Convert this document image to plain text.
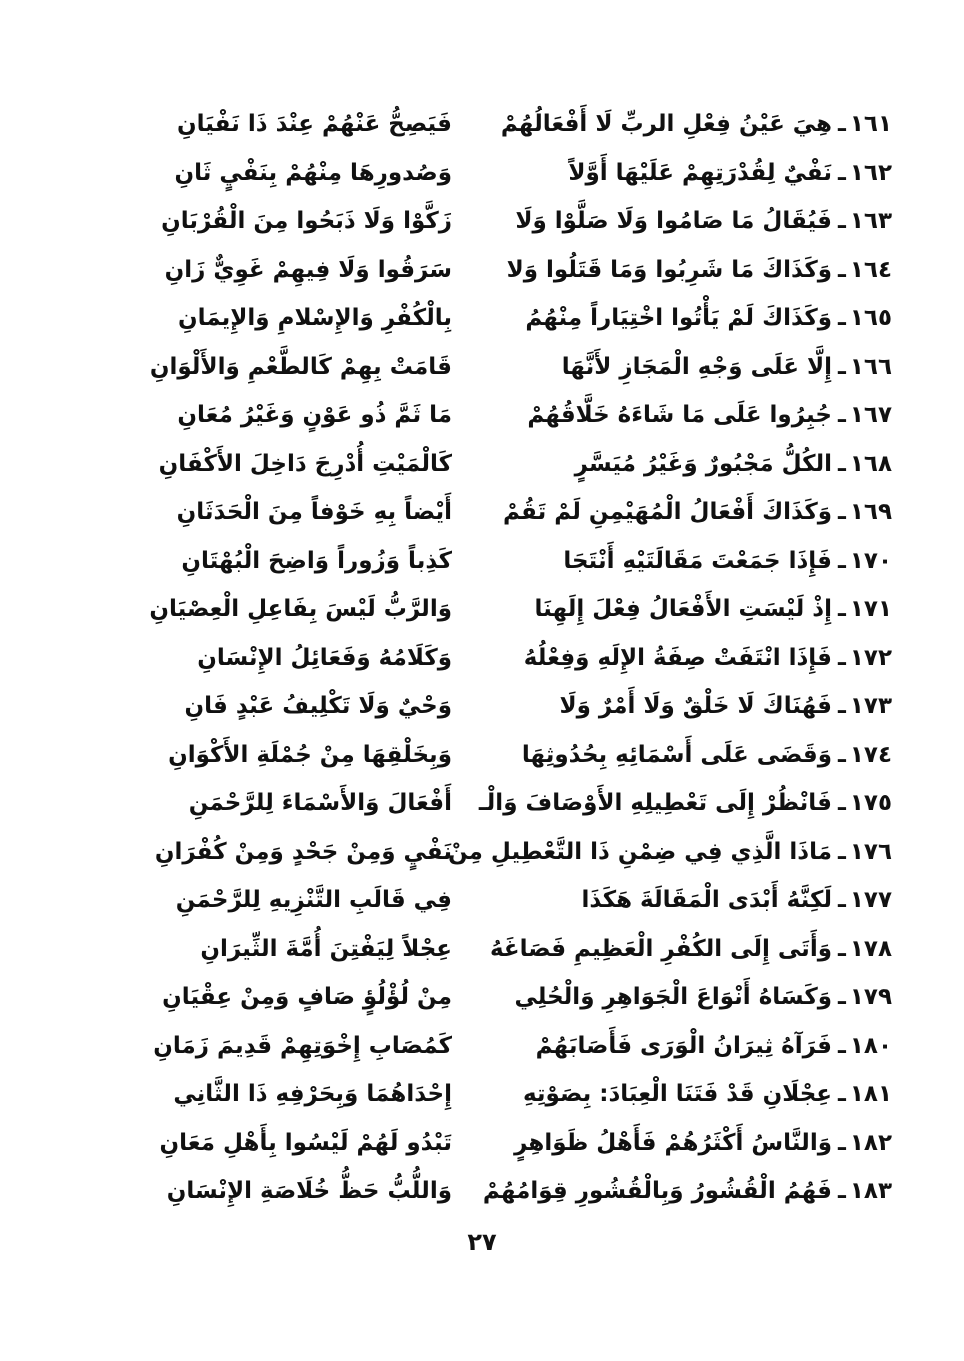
١٦١
ـ
هِيَ عَيْنُ فِعْلِ الربِّ لَا أَفْعَالُهُمْ
فَيَصِحُّ عَنْهُمْ عِنْدَ ذَا نَفْيَانِ
١٦٢
ـ
نَفْيٌ لِقُدْرَتِهِمْ عَلَيْهَا أَوَّلاً
وَصُدورِهَا مِنْهُمْ بِنَفْيٍ ثَانِ
١٦٣
ـ
فَيُقَالُ مَا صَامُوا وَلَا صَلَّوْا وَلَا
زَكَّوْا وَلَا ذَبَحُوا مِنَ الْقُرْبَانِ
١٦٤
ـ
وَكَذَاكَ مَا شَرِبُوا وَمَا قَتَلُوا وَلا
سَرَقُوا وَلَا فِيهِمْ غَوِيٌّ زَانِ
١٦٥
ـ
وَكَذَاكَ لَمْ يَأْتُوا اخْتِيَاراً مِنْهُمُ
بِالْكُفْرِ وَالإِسْلامِ وَالإِيمَانِ
١٦٦
ـ
إِلَّا عَلَى وَجْهِ الْمَجَازِ لأَنَّهَا
قَامَتْ بِهِمْ كَالطَّعْمِ وَالأَلْوَانِ
١٦٧
ـ
جُبِرُوا عَلَى مَا شَاءَهُ خَلَّاقُهُمْ
مَا ثَمَّ ذُو عَوْنٍ وَغَيْرُ مُعَانِ
١٦٨
ـ
الكُلُّ مَجْبُورٌ وَغَيْرُ مُيَسَّرٍ
كَالْمَيْتِ أُدْرِجَ دَاخِلَ الأَكْفَانِ
١٦٩
ـ
وَكَذَاكَ أَفْعَالُ الْمُهَيْمِنِ لَمْ تَقُمْ
أَيْضاً بِهِ خَوْفاً مِنَ الْحَدَثَانِ
١٧٠
ـ
فَإِذَا جَمَعْتَ مَقَالَتَيْهِ أَنْتَجَا
كَذِباً وَزُوراً وَاضِحَ الْبُهْتَانِ
١٧١
ـ
إِذْ لَيْسَتِ الأَفْعَالُ فِعْلَ إِلَهِنَا
وَالرَّبُّ لَيْسَ بِفَاعِلِ الْعِصْيَانِ
١٧٢
ـ
فَإِذَا انْتَفَتْ صِفَةُ الإِلَهِ وَفِعْلُهُ
وَكَلَامُهُ وَفَعَائِلُ الإِنْسَانِ
١٧٣
ـ
فَهُنَاكَ لَا خَلْقٌ وَلَا أَمْرٌ وَلَا
وَحْيٌ وَلَا تَكْلِيفُ عَبْدٍ فَانِ
١٧٤
ـ
وَقَضَى عَلَى أَسْمَائِهِ بِحُدُوثِهَا
وَبِخَلْقِهَا مِنْ جُمْلَةِ الأَكْوَانِ
١٧٥
ـ
فَانْظُرْ إِلَى تَعْطِيلِهِ الأَوْصَافَ وَالْـ
أَفْعَالَ وَالأَسْمَاءَ لِلرَّحْمَنِ
١٧٦
ـ
مَاذَا الَّذِي فِي ضِمْنِ ذَا التَّعْطِيلِ مِنْ
نَفْيٍ وَمِنْ جَحْدٍ وَمِنْ كُفْرَانِ
١٧٧
ـ
لَكِنَّهُ أَبْدَى الْمَقَالَةَ هَكَذَا
فِي قَالَبِ التَّنْزِيهِ لِلرَّحْمَنِ
١٧٨
ـ
وَأَتَى إِلَى الكُفْرِ الْعَظِيمِ فَصَاغَهُ
عِجْلاً لِيَفْتِنَ أُمَّةَ الثِّيرَانِ
١٧٩
ـ
وَكَسَاهُ أَنْوَاعَ الْجَوَاهِرِ وَالْحُلِي
مِنْ لُؤْلُؤٍ صَافٍ وَمِنْ عِقْيَانِ
١٨٠
ـ
فَرَآهُ ثِيرَانُ الْوَرَى فَأَصَابَهُمْ
كَمُصَابِ إِخْوَتِهِمْ قَدِيمَ زَمَانِ
١٨١
ـ
عِجْلَانِ قَدْ فَتَنَا الْعِبَادَ: بِصَوْتِهِ
إِحْدَاهُمَا وَبِحَرْفِهِ ذَا الثَّانِي
١٨٢
ـ
وَالنَّاسُ أَكْثَرُهُمْ فَأَهْلُ ظَوَاهِرٍ
تَبْدُو لَهُمْ لَيْسُوا بِأَهْلِ مَعَانِ
١٨٣
ـ
فَهُمُ الْقُشُورُ وَبِالْقُشُورِ قِوَامُهُمْ
وَاللُّبُّ حَظُّ خُلَاصَةِ الإِنْسَانِ
٢٧
